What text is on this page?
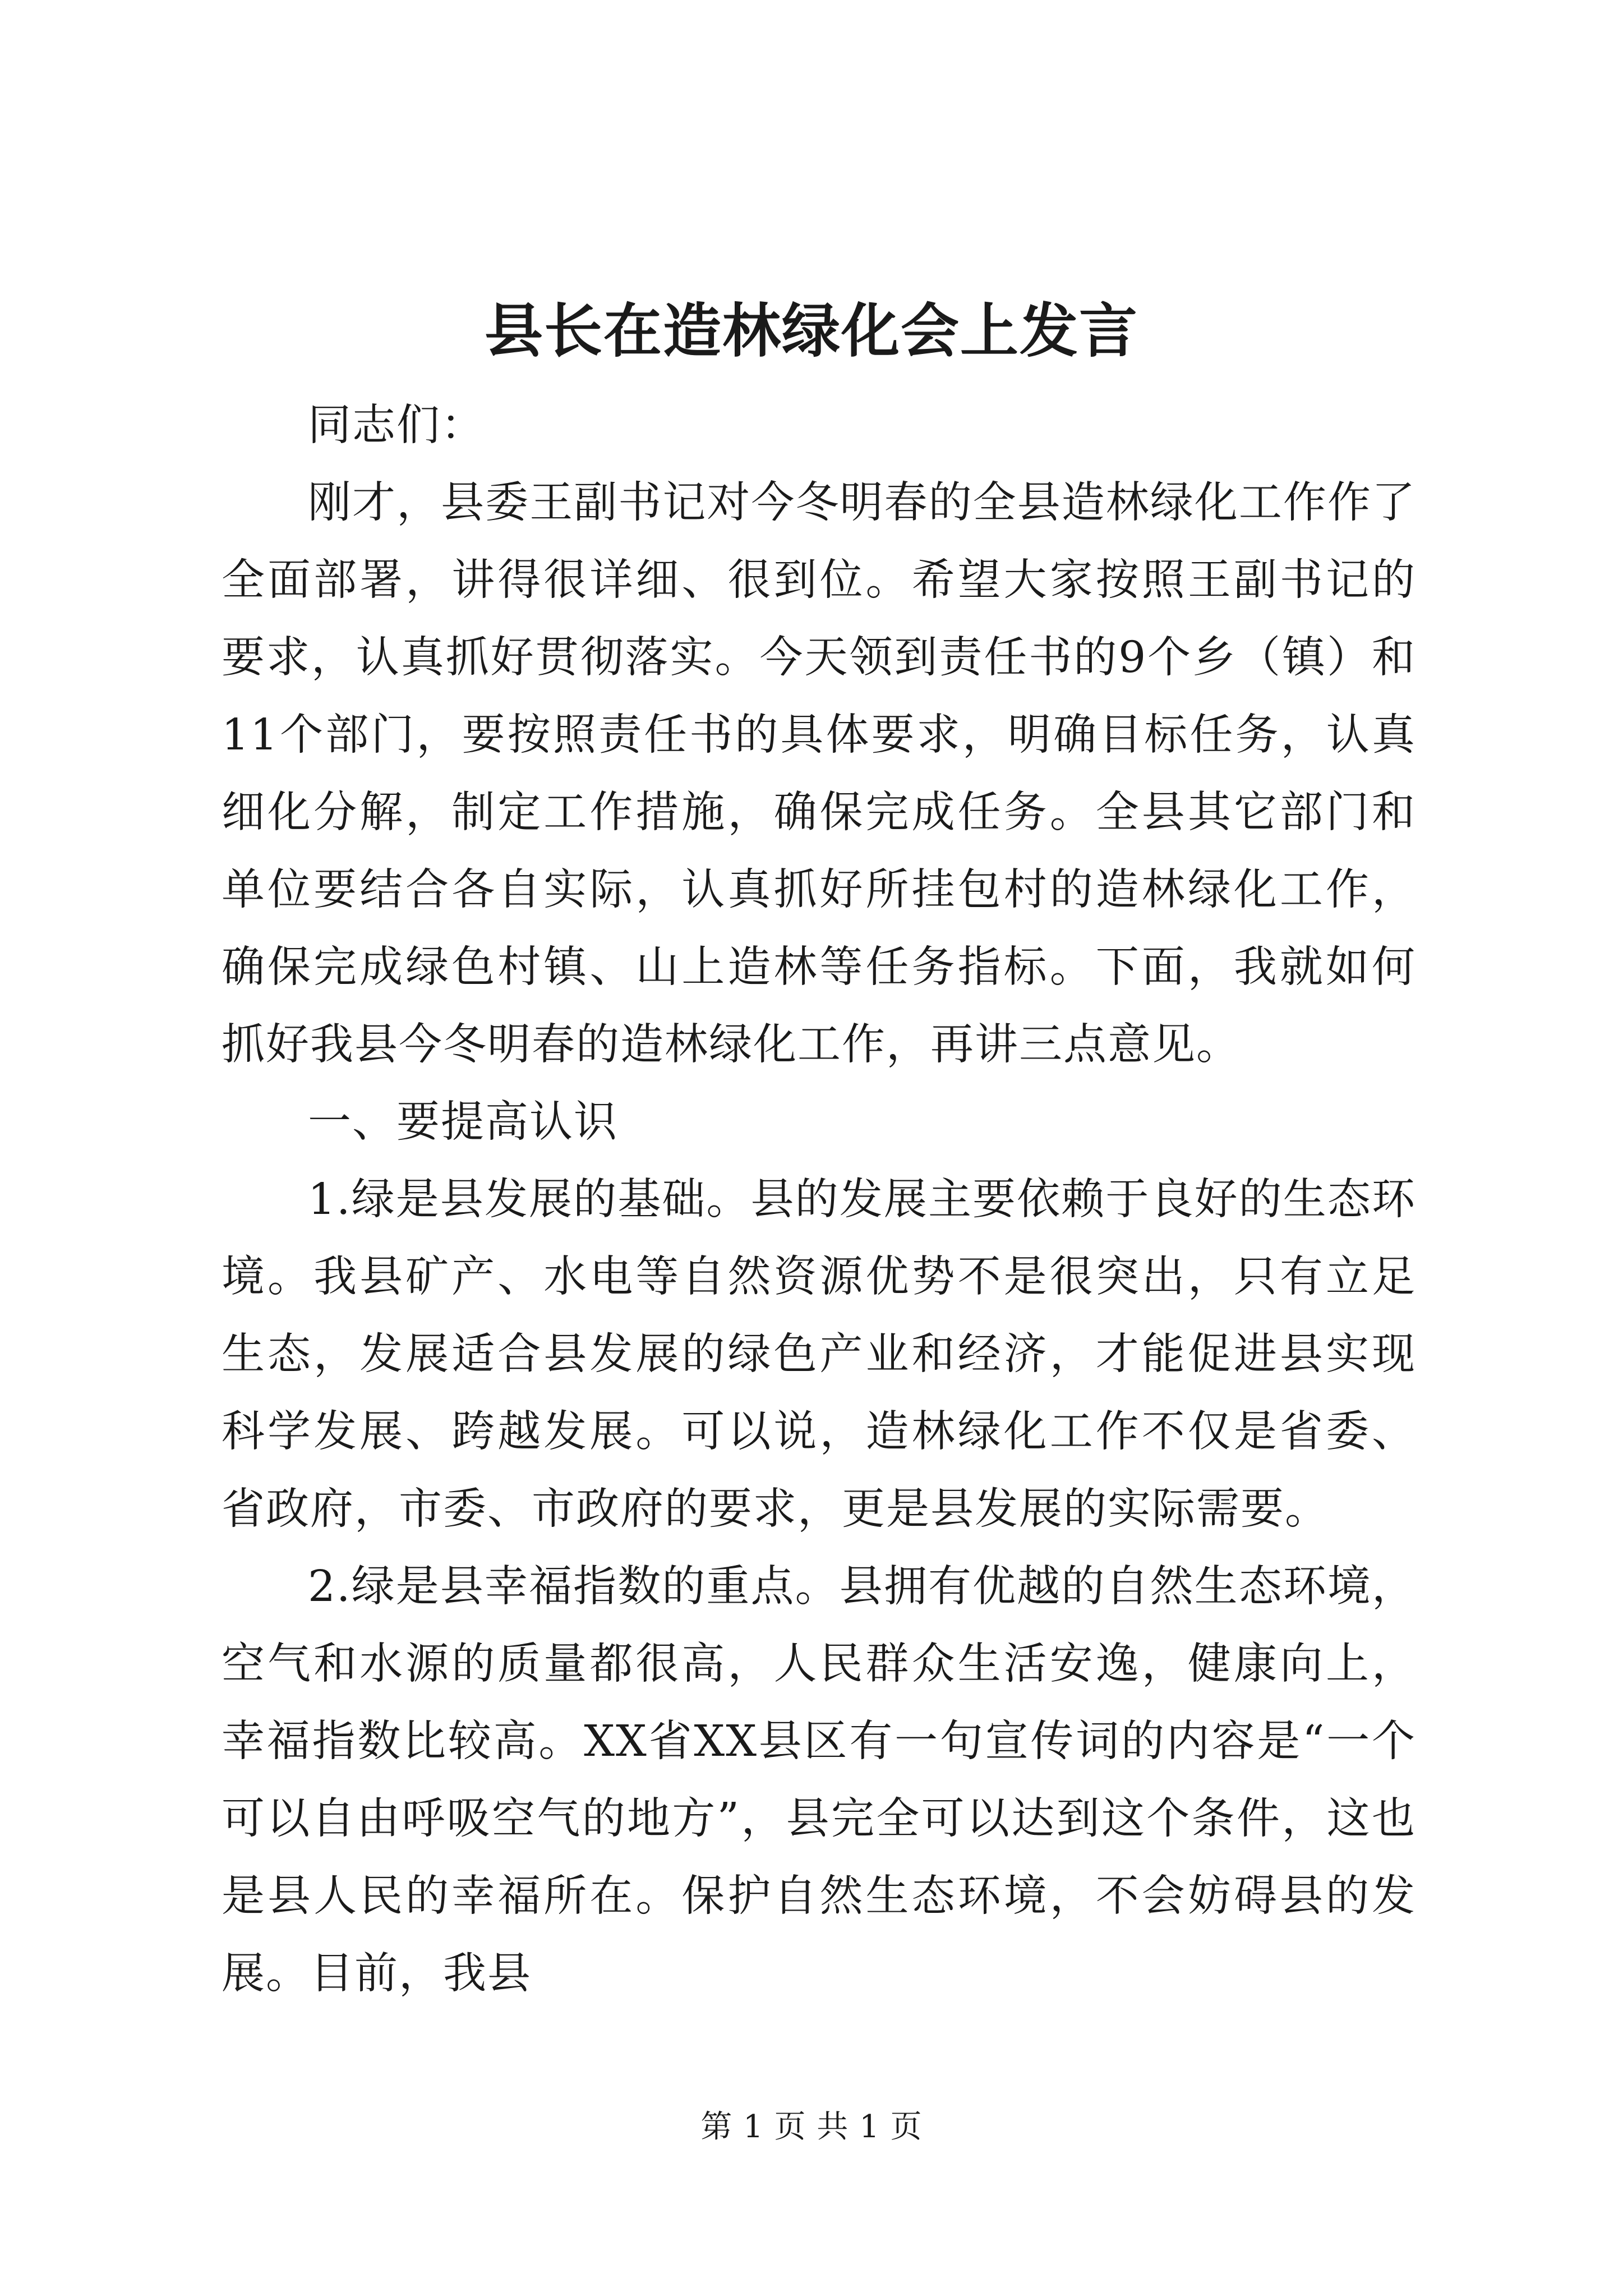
县长在造林绿化会上发言

同志们：

刚才，县委王副书记对今冬明春的全县造林绿化工作作了全面部署，讲得很详细、很到位。希望大家按照王副书记的要求，认真抓好贯彻落实。今天领到责任书的9个乡（镇）和11个部门，要按照责任书的具体要求，明确目标任务，认真细化分解，制定工作措施，确保完成任务。全县其它部门和单位要结合各自实际，认真抓好所挂包村的造林绿化工作，确保完成绿色村镇、山上造林等任务指标。下面，我就如何抓好我县今冬明春的造林绿化工作，再讲三点意见。

一、要提高认识

1.绿是县发展的基础。县的发展主要依赖于良好的生态环境。我县矿产、水电等自然资源优势不是很突出，只有立足生态，发展适合县发展的绿色产业和经济，才能促进县实现科学发展、跨越发展。可以说，造林绿化工作不仅是省委、省政府，市委、市政府的要求，更是县发展的实际需要。

2.绿是县幸福指数的重点。县拥有优越的自然生态环境，空气和水源的质量都很高，人民群众生活安逸，健康向上，幸福指数比较高。XX省XX县区有一句宣传词的内容是“一个可以自由呼吸空气的地方”，县完全可以达到这个条件，这也是县人民的幸福所在。保护自然生态环境，不会妨碍县的发展。目前，我县

第 1 页 共 1 页
